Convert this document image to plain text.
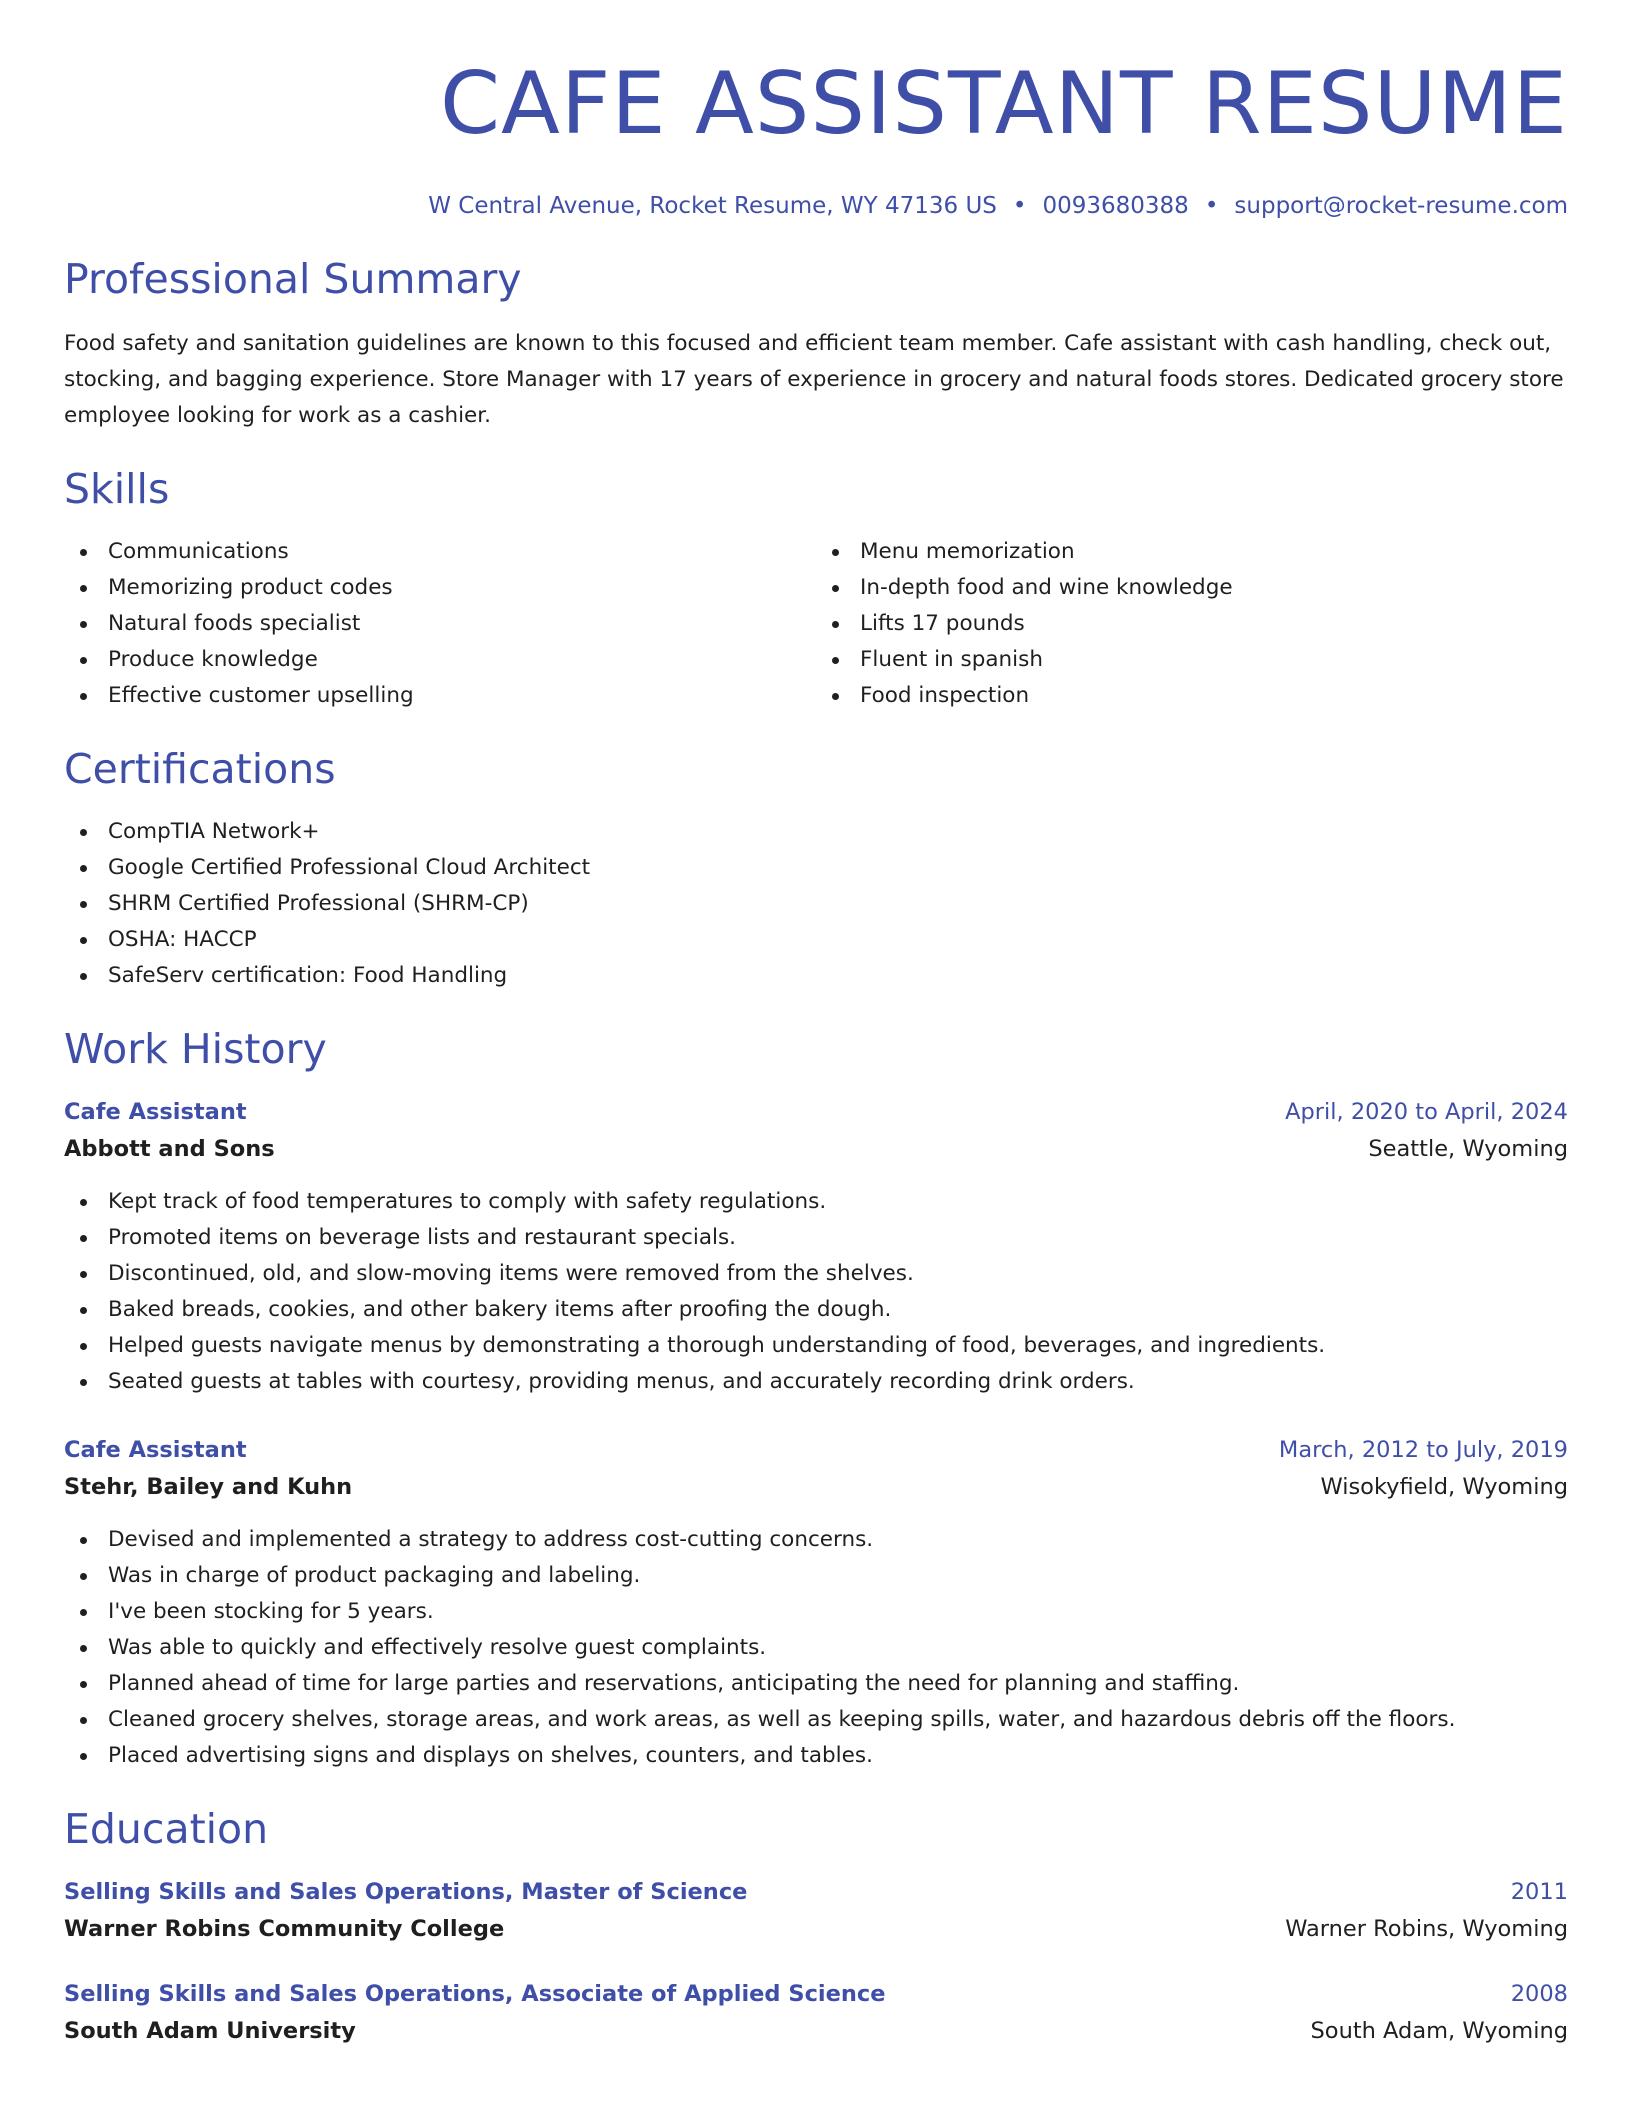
CAFE ASSISTANT RESUME
W Central Avenue, Rocket Resume, WY 47136 US • 0093680388 • support@rocket-resume.com
Professional Summary

Food safety and sanitation guidelines are known to this focused and efficient team member. Cafe assistant with cash handling, check out, stocking, and bagging experience. Store Manager with 17 years of experience in grocery and natural foods stores. Dedicated grocery store employee looking for work as a cashier.

Skills
Communications
Memorizing product codes
Natural foods specialist
Produce knowledge
Effective customer upselling
Menu memorization
In-depth food and wine knowledge
Lifts 17 pounds
Fluent in spanish
Food inspection
Certifications
CompTIA Network+
Google Certified Professional Cloud Architect
SHRM Certified Professional (SHRM-CP)
OSHA: HACCP
SafeServ certification: Food Handling
Work History
Cafe Assistant	April, 2020 to April, 2024
Abbott and Sons	Seattle, Wyoming
Kept track of food temperatures to comply with safety regulations.
Promoted items on beverage lists and restaurant specials.
Discontinued, old, and slow-moving items were removed from the shelves.
Baked breads, cookies, and other bakery items after proofing the dough.
Helped guests navigate menus by demonstrating a thorough understanding of food, beverages, and ingredients.
Seated guests at tables with courtesy, providing menus, and accurately recording drink orders.
Cafe Assistant	March, 2012 to July, 2019
Stehr, Bailey and Kuhn	Wisokyfield, Wyoming
Devised and implemented a strategy to address cost-cutting concerns.
Was in charge of product packaging and labeling.
I've been stocking for 5 years.
Was able to quickly and effectively resolve guest complaints.
Planned ahead of time for large parties and reservations, anticipating the need for planning and staffing.
Cleaned grocery shelves, storage areas, and work areas, as well as keeping spills, water, and hazardous debris off the floors.
Placed advertising signs and displays on shelves, counters, and tables.
Education
Selling Skills and Sales Operations, Master of Science	2011
Warner Robins Community College	Warner Robins, Wyoming
Selling Skills and Sales Operations, Associate of Applied Science	2008
South Adam University	South Adam, Wyoming
